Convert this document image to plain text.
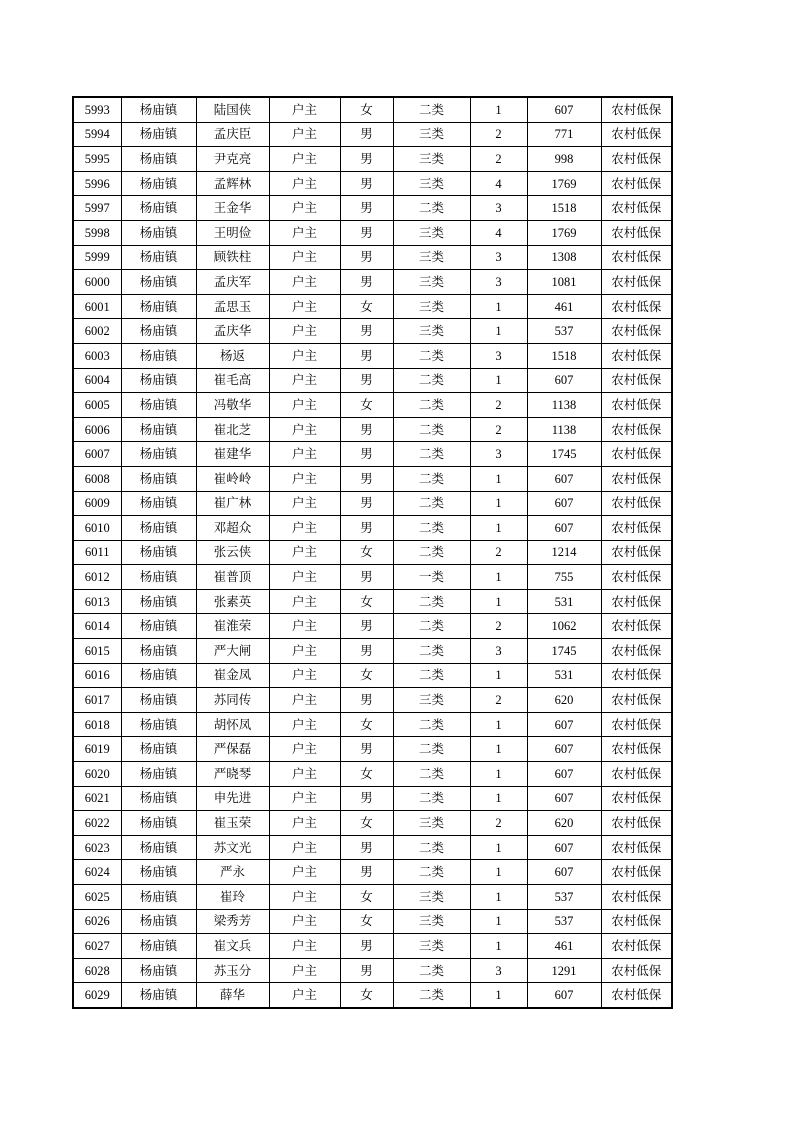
5993	杨庙镇	陆国侠	户主	女	二类	1	607	农村低保
5994	杨庙镇	孟庆臣	户主	男	三类	2	771	农村低保
5995	杨庙镇	尹克亮	户主	男	三类	2	998	农村低保
5996	杨庙镇	孟辉林	户主	男	三类	4	1769	农村低保
5997	杨庙镇	王金华	户主	男	二类	3	1518	农村低保
5998	杨庙镇	王明俭	户主	男	三类	4	1769	农村低保
5999	杨庙镇	顾铁柱	户主	男	三类	3	1308	农村低保
6000	杨庙镇	孟庆军	户主	男	三类	3	1081	农村低保
6001	杨庙镇	孟思玉	户主	女	三类	1	461	农村低保
6002	杨庙镇	孟庆华	户主	男	三类	1	537	农村低保
6003	杨庙镇	杨返	户主	男	二类	3	1518	农村低保
6004	杨庙镇	崔毛高	户主	男	二类	1	607	农村低保
6005	杨庙镇	冯敬华	户主	女	二类	2	1138	农村低保
6006	杨庙镇	崔北芝	户主	男	二类	2	1138	农村低保
6007	杨庙镇	崔建华	户主	男	二类	3	1745	农村低保
6008	杨庙镇	崔岭岭	户主	男	二类	1	607	农村低保
6009	杨庙镇	崔广林	户主	男	二类	1	607	农村低保
6010	杨庙镇	邓超众	户主	男	二类	1	607	农村低保
6011	杨庙镇	张云侠	户主	女	二类	2	1214	农村低保
6012	杨庙镇	崔普顶	户主	男	一类	1	755	农村低保
6013	杨庙镇	张素英	户主	女	二类	1	531	农村低保
6014	杨庙镇	崔淮荣	户主	男	二类	2	1062	农村低保
6015	杨庙镇	严大闸	户主	男	二类	3	1745	农村低保
6016	杨庙镇	崔金凤	户主	女	二类	1	531	农村低保
6017	杨庙镇	苏同传	户主	男	三类	2	620	农村低保
6018	杨庙镇	胡怀凤	户主	女	二类	1	607	农村低保
6019	杨庙镇	严保磊	户主	男	二类	1	607	农村低保
6020	杨庙镇	严晓琴	户主	女	二类	1	607	农村低保
6021	杨庙镇	申先进	户主	男	二类	1	607	农村低保
6022	杨庙镇	崔玉荣	户主	女	三类	2	620	农村低保
6023	杨庙镇	苏文光	户主	男	二类	1	607	农村低保
6024	杨庙镇	严永	户主	男	二类	1	607	农村低保
6025	杨庙镇	崔玲	户主	女	三类	1	537	农村低保
6026	杨庙镇	梁秀芳	户主	女	三类	1	537	农村低保
6027	杨庙镇	崔文兵	户主	男	三类	1	461	农村低保
6028	杨庙镇	苏玉分	户主	男	二类	3	1291	农村低保
6029	杨庙镇	薛华	户主	女	二类	1	607	农村低保
